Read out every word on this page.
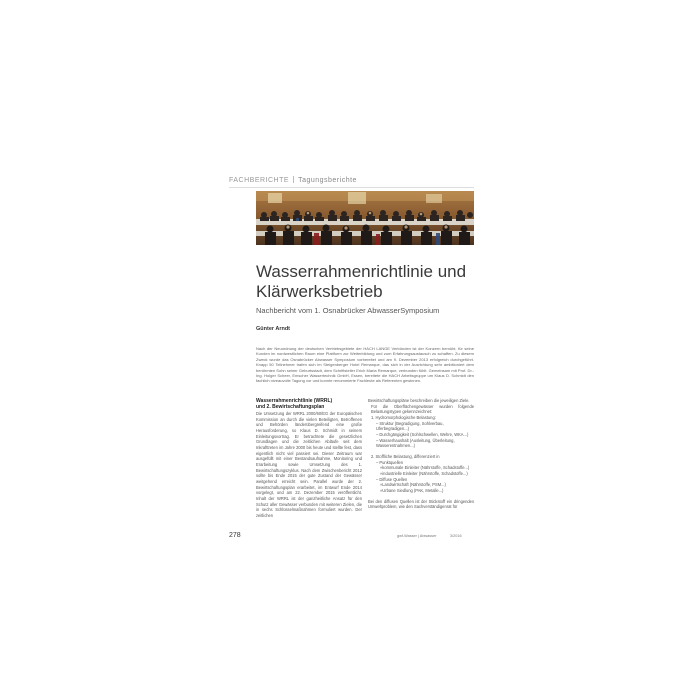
FACHBERICHTE Tagungsberichte
Wasserrahmenrichtlinie und
Klärwerksbetrieb
Nachbericht vom 1. Osnabrücker AbwasserSymposium
Günter Arndt

Nach der Neuordnung der deutschen Vertriebsgebiete der HACH LANGE Verbünden ist der Konzern bemüht, für seine Kunden im nordwestlichen Raum eine Plattform zur Weiterbildung und zum Erfahrungsaustausch zu schaffen. Zu diesem Zweck wurde das Osnabrücker Abwasser Symposium vorbereitet und am 9. Dezember 2013 erfolgreich durchgeführt. Knapp 50 Teilnehmer trafen sich im Steigenberger Hotel Remarque, das sich in der Ausrichtung sehr ambitioniert dem berühmten Sohn seiner Geburtsstadt, dem Schriftsteller Erich Maria Remarque, verbunden fühlt. Gemeinsam mit Prof. Dr.-Ing. Holger Scheer, Emscher Wassertechnik GmbH, Essen, bereitete die HACH Arbeitsgruppe um Klaus D. Schmidt den fachlich niveauvolle Tagung vor und konnte renommierte Fachleute als Referenten gewinnen.

Wasserrahmenrichtlinie (WRRL)
und 2. Bewirtschaftungsplan

Die Umsetzung der WRRL 2000/60/EG der Europäischen Kommission an durch die vielen Beteiligten, Betroffenen und Behörden länderübergreifend eine große Herausforderung, so Klaus D. Schmidt in seinem Einleitungsvortrag. Er betrachtete die gesetzlichen Grundlagen und die zeitlichen Abläufe seit dem Inkrafttreten im Jahre 2000 bis heute und stellte fest, dass eigentlich nicht viel passiert sei. Dieser Zeitraum war ausgefüllt mit einer Bestandsaufnahme, Monitoring und Erarbeitung sowie Umsetzung des 1. Bewirtschaftungszyklus. Nach dem Zwischenbericht 2012 sollte bis Ende 2015 der gute Zustand der Gewässer weitgehend erreicht sein. Parallel wurde der 2. Bewirtschaftungsplan erarbeitet, im Entwurf Ende 2014 vorgelegt, und am 22. Dezember 2015 veröffentlicht. Inhalt der WRRL ist der ganzheitliche Ansatz für den Schutz aller Gewässer verbunden mit weiteren Zielen, die in sechs Schlüsselmaßnahmen formuliert wurden. Der zeitlichen

Bewirtschaftungspläne beschreiben die jeweiligen Ziele.

Für die Oberflächengewässer wurden folgende Belastungstypen gekennzeichnet:

1. Hydromorphologische Belastung:
– Struktur (Begradigung, Sohlverbau, Uferbegradigen...)
– Durchgängigkeit (Sohlschwellen, Wehre, WKA...)
– Wasserhaushalt (Ausleitung, Überleitung, Wasserentnahmen...)
2. Stoffliche Belastung, differenziert in
– Punktquellen
»kommunale Einleiter (Nährstoffe, Schadstoffe...)
»industrielle Einleiter (Nährstoffe, Schadstoffe...)
– Diffuse Quellen
»Landwirtschaft (Nährstoffe, PSM...)
»Urbane Siedlung (PAK, Metalle...)

Bei den diffusen Quellen ist der Stickstoff ein dringendes Umweltproblem, wie den Sachverständigenrat für

278	gwf-Wasser | Abwasser	3/2016
